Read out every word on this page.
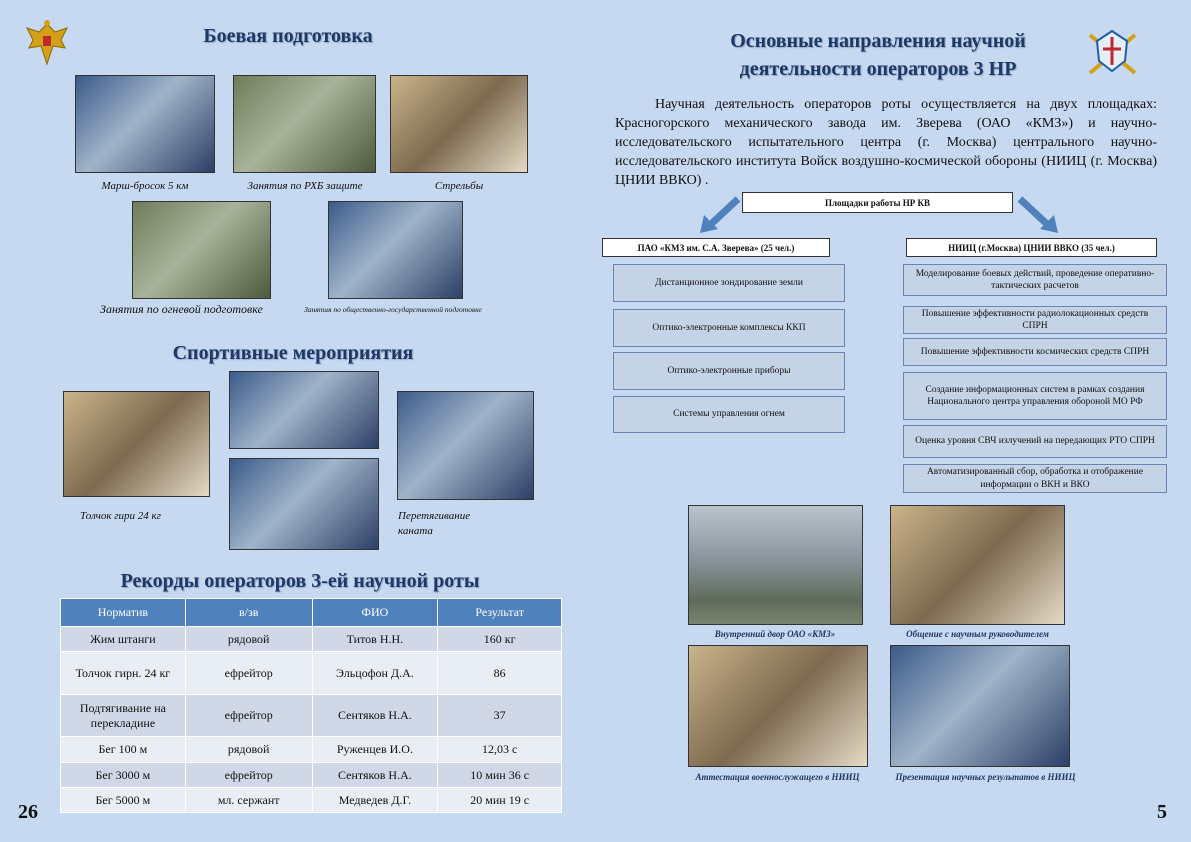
Боевая подготовка
Марш-бросок 5 км	Занятия по РХБ защите	Стрельбы
Занятия по огневой подготовке	Занятия по общественно-государственной подготовке
Спортивные мероприятия
Толчок гири 24 кг	Перетягивание каната
Рекорды операторов 3-ей научной роты
Норматив	в/зв	ФИО	Результат
Жим штанги	рядовой	Титов Н.Н.	160 кг
Толчок гирн. 24 кг	ефрейтор	Эльцофон Д.А.	86
Подтягивание на перекладине	ефрейтор	Сентяков Н.А.	37
Бег 100 м	рядовой	Руженцев И.О.	12,03 с
Бег 3000 м	ефрейтор	Сентяков Н.А.	10 мин 36 с
Бег 5000 м	мл. сержант	Медведев Д.Г.	20 мин 19 с
26
Основные направления научной
деятельности операторов 3 НР

Научная деятельность операторов роты осуществляется на двух площадках: Красногорского механического завода им. Зверева (ОАО «КМЗ») и научно-исследовательского испытательного центра (г. Москва) центрального научно-исследовательского института Войск воздушно-космической обороны (НИИЦ (г. Москва) ЦНИИ ВВКО) .

Площадки работы НР КВ
ПАО «КМЗ им. С.А. Зверева» (25 чел.)	НИИЦ (г.Москва) ЦНИИ ВВКО (35 чел.)
Дистанционное зондирование земли
Оптико-электронные комплексы ККП
Оптико-электронные приборы
Системы управления огнем
Моделирование боевых действий, проведение оперативно-тактических расчетов
Повышение эффективности радиолокационных средств СПРН
Повышение эффективности космических средств СПРН
Создание информационных систем в рамках создания Национального центра управления обороной МО РФ
Оценка уровня СВЧ излучений на передающих РТО СПРН
Автоматизированный сбор, обработка и отображение информации о ВКН и ВКО
Внутренний двор ОАО «КМЗ»	Общение с научным руководителем
Аттестация военнослужащего в НИИЦ	Презентация научных результатов в НИИЦ
5
